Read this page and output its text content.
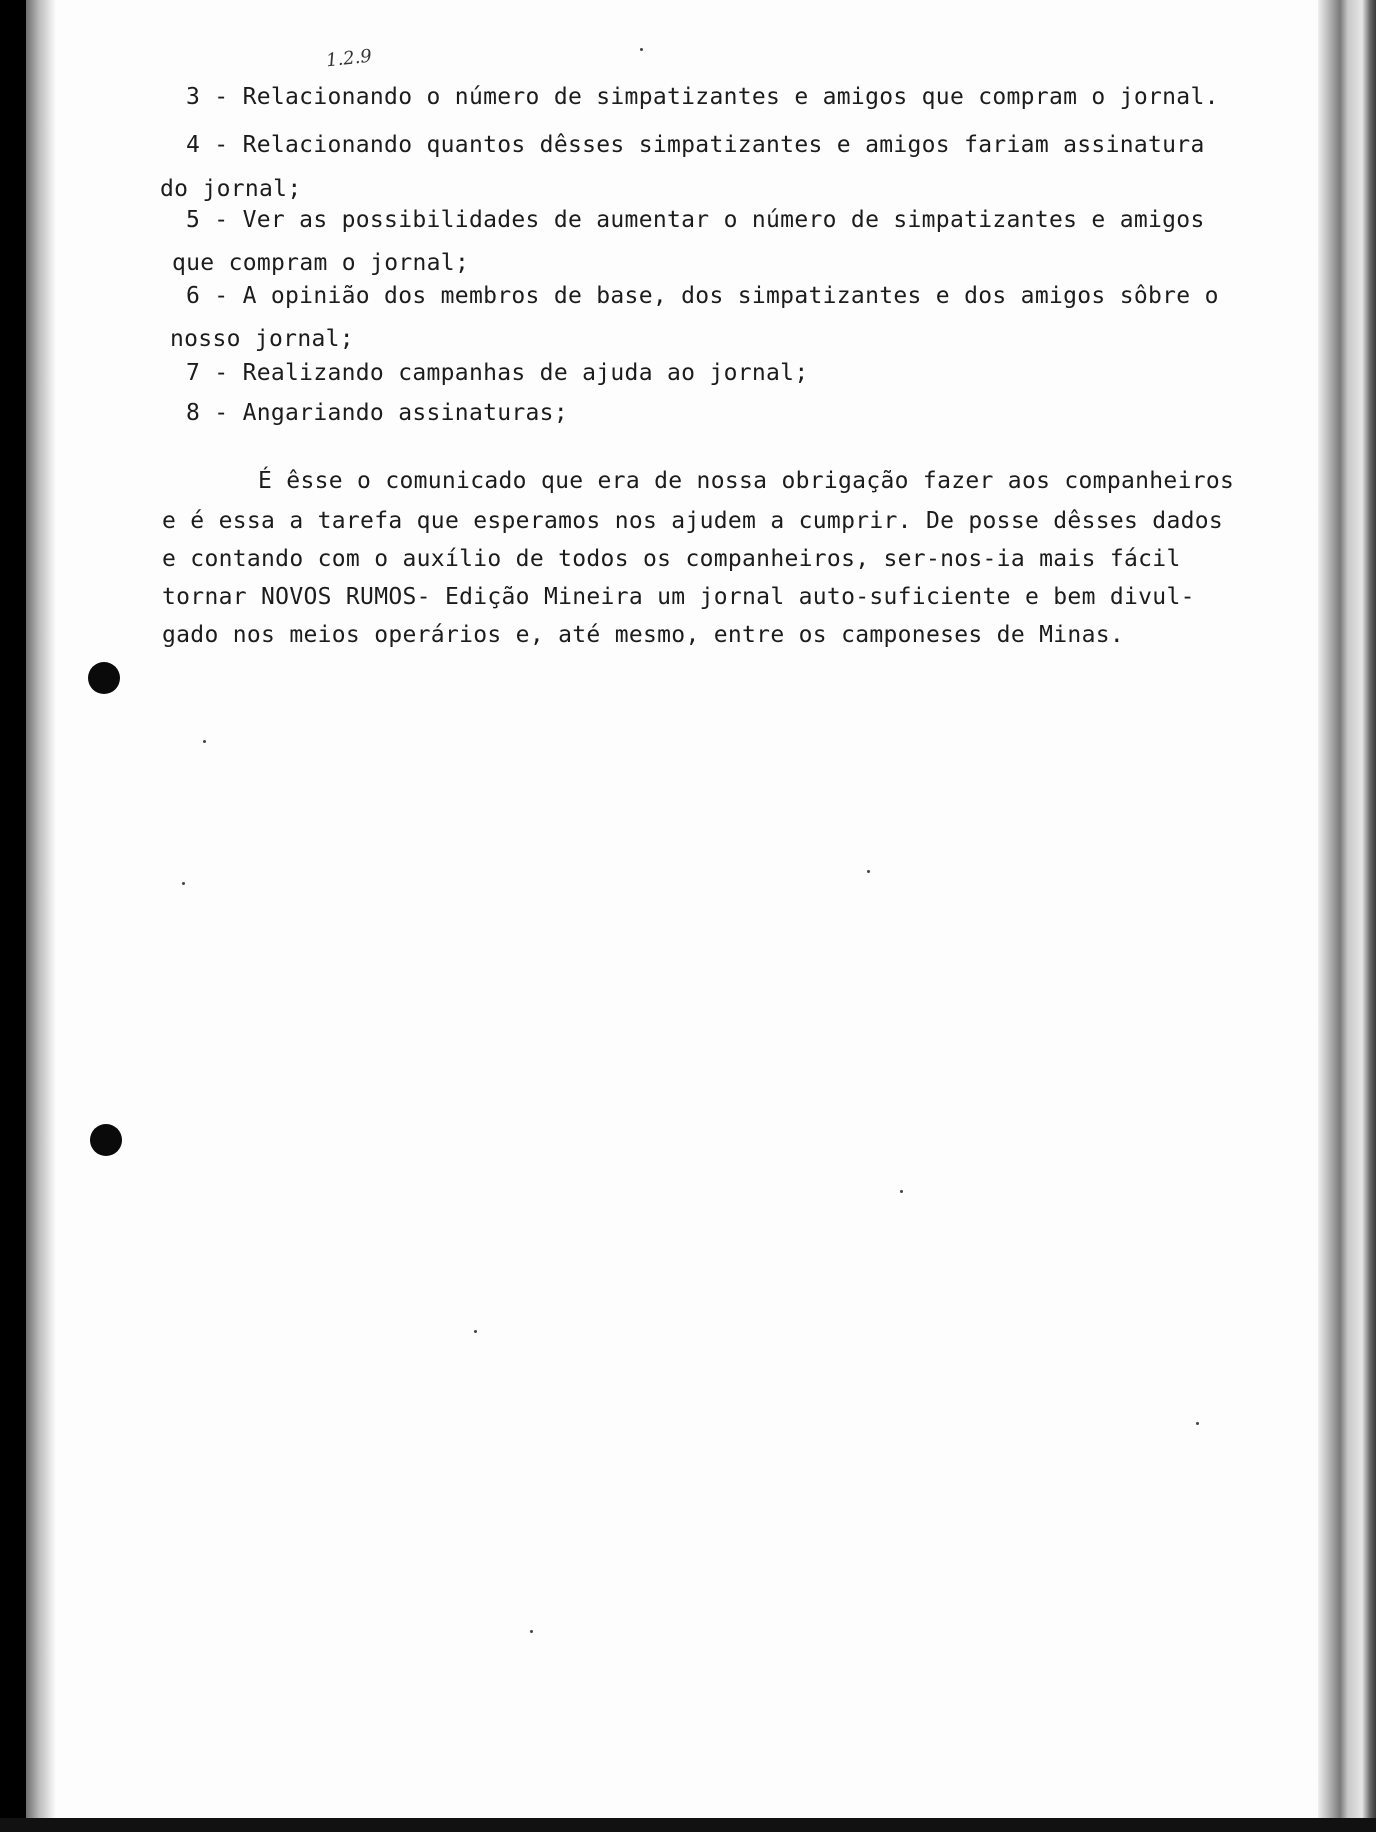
1.2.9

3 - Relacionando o número de simpatizantes e amigos que compram o jornal.

4 - Relacionando quantos dêsses simpatizantes e amigos fariam assinatura

do jornal;

5 - Ver as possibilidades de aumentar o número de simpatizantes e amigos

que compram o jornal;

6 - A opinião dos membros de base, dos simpatizantes e dos amigos sôbre o

nosso jornal;

7 - Realizando campanhas de ajuda ao jornal;

8 - Angariando assinaturas;

É êsse o comunicado que era de nossa obrigação fazer aos companheiros

e é essa a tarefa que esperamos nos ajudem a cumprir. De posse dêsses dados

e contando com o auxílio de todos os companheiros, ser-nos-ia mais fácil

tornar NOVOS RUMOS- Edição Mineira um jornal auto-suficiente e bem divul-

gado nos meios operários e, até mesmo, entre os camponeses de Minas.
